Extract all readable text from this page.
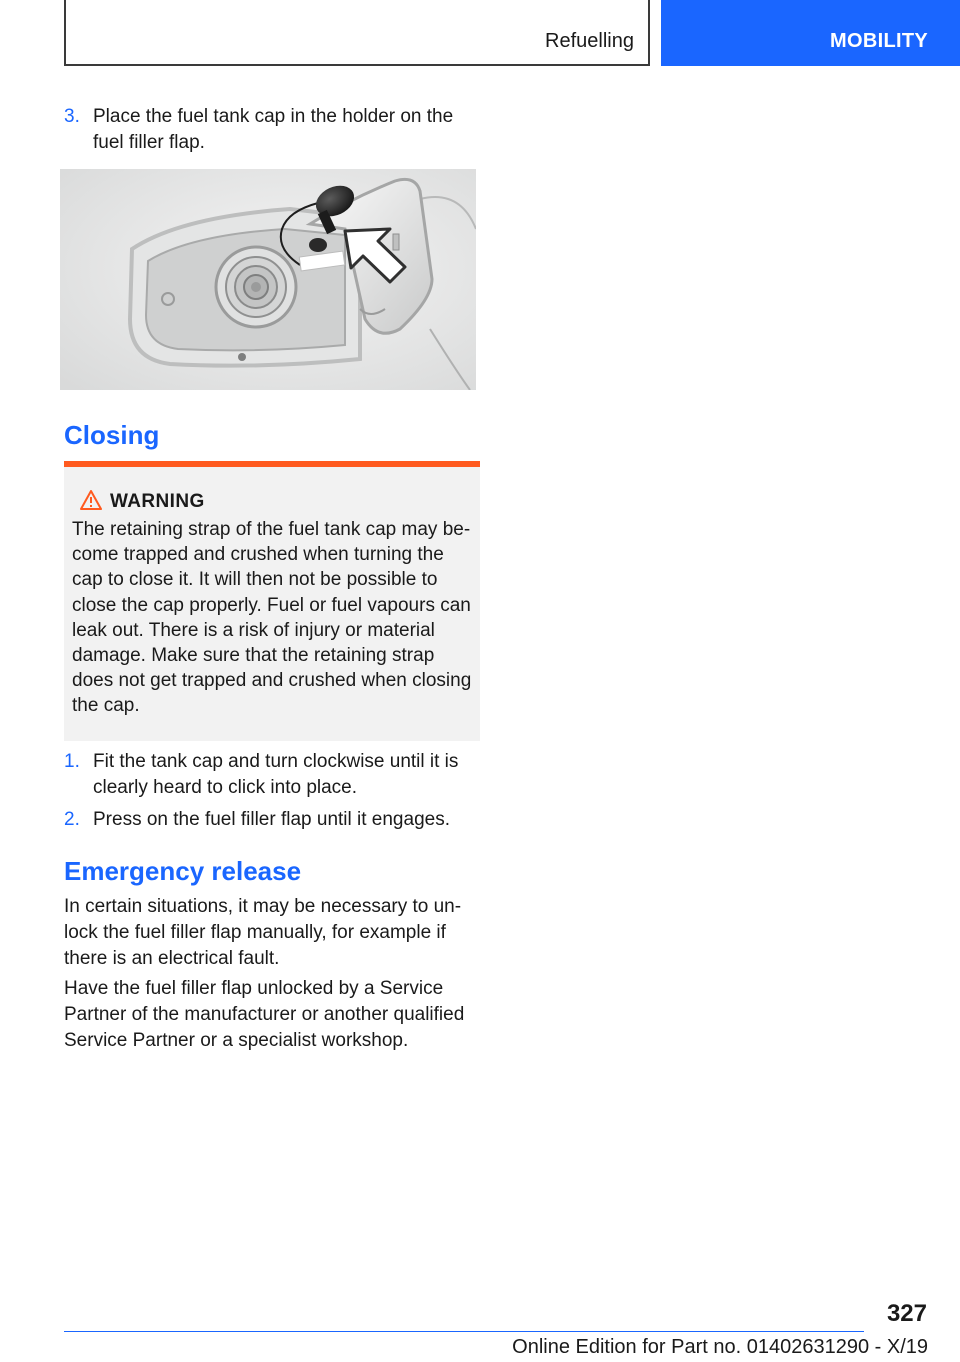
Refuelling	MOBILITY
3. Place the fuel tank cap in the holder on the fuel filler flap.
Closing
WARNING
The retaining strap of the fuel tank cap may become trapped and crushed when turning the cap to close it. It will then not be possible to close the cap properly. Fuel or fuel vapours can leak out. There is a risk of injury or material damage. Make sure that the retaining strap does not get trapped and crushed when closing the cap.
1. Fit the tank cap and turn clockwise until it is clearly heard to click into place.
2. Press on the fuel filler flap until it engages.
Emergency release
In certain situations, it may be necessary to unlock the fuel filler flap manually, for example if there is an electrical fault.
Have the fuel filler flap unlocked by a Service Partner of the manufacturer or another qualified Service Partner or a specialist workshop.
327
Online Edition for Part no. 01402631290 - X/19
